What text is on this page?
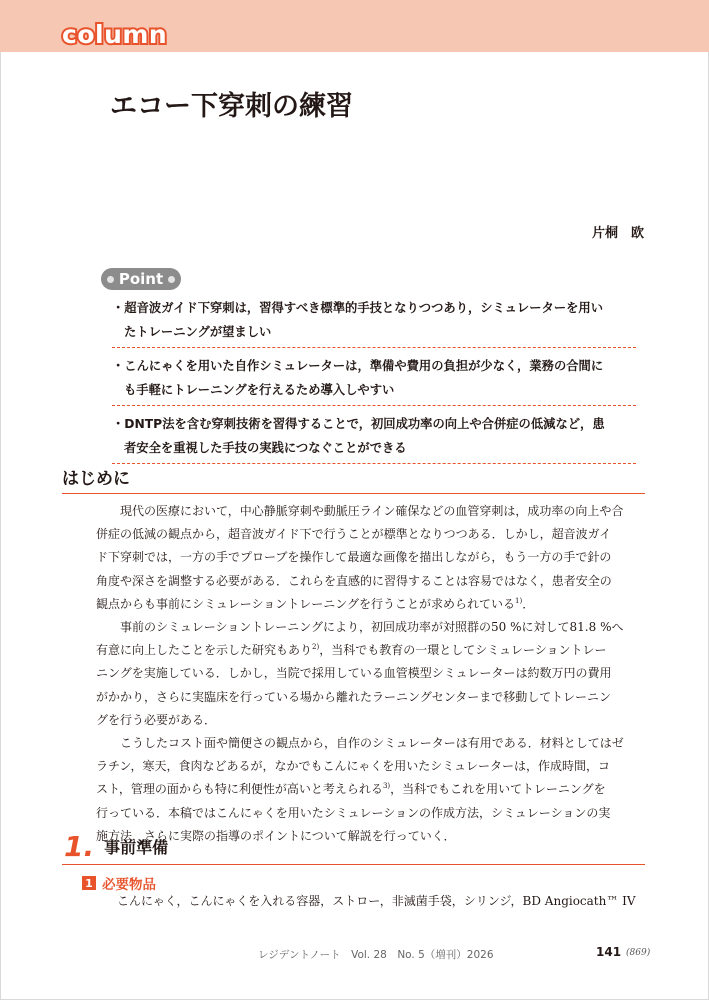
column
エコー下穿刺の練習
片桐　欧
Point
・超音波ガイド下穿刺は，習得すべき標準的手技となりつつあり，シミュレーターを用い
たトレーニングが望ましい
・こんにゃくを用いた自作シミュレーターは，準備や費用の負担が少なく，業務の合間に
も手軽にトレーニングを行えるため導入しやすい
・DNTP法を含む穿刺技術を習得することで，初回成功率の向上や合併症の低減など，患
者安全を重視した手技の実践につなぐことができる
はじめに
現代の医療において，中心静脈穿刺や動脈圧ライン確保などの血管穿刺は，成功率の向上や合
併症の低減の観点から，超音波ガイド下で行うことが標準となりつつある．しかし，超音波ガイ
ド下穿刺では，一方の手でプローブを操作して最適な画像を描出しながら，もう一方の手で針の
角度や深さを調整する必要がある．これらを直感的に習得することは容易ではなく，患者安全の
観点からも事前にシミュレーショントレーニングを行うことが求められている$^{1)}$．
事前のシミュレーショントレーニングにより，初回成功率が対照群の50 %に対して81.8 %へ
有意に向上したことを示した研究もあり$^{2)}$，当科でも教育の一環としてシミュレーショントレー
ニングを実施している．しかし，当院で採用している血管模型シミュレーターは約数万円の費用
がかかり，さらに実臨床を行っている場から離れたラーニングセンターまで移動してトレーニン
グを行う必要がある．
こうしたコスト面や簡便さの観点から，自作のシミュレーターは有用である．材料としてはゼ
ラチン，寒天，食肉などあるが，なかでもこんにゃくを用いたシミュレーターは，作成時間，コ
スト，管理の面からも特に利便性が高いと考えられる$^{3)}$，当科でもこれを用いてトレーニングを
行っている．本稿ではこんにゃくを用いたシミュレーションの作成方法，シミュレーションの実
施方法，さらに実際の指導のポイントについて解説を行っていく．
1. 事前準備
1 必要物品
こんにゃく，こんにゃくを入れる容器，ストロー，非滅菌手袋，シリンジ，BD Angiocath™ IV
レジデントノート　Vol. 28　No. 5（増刊）2026	141 (869)
